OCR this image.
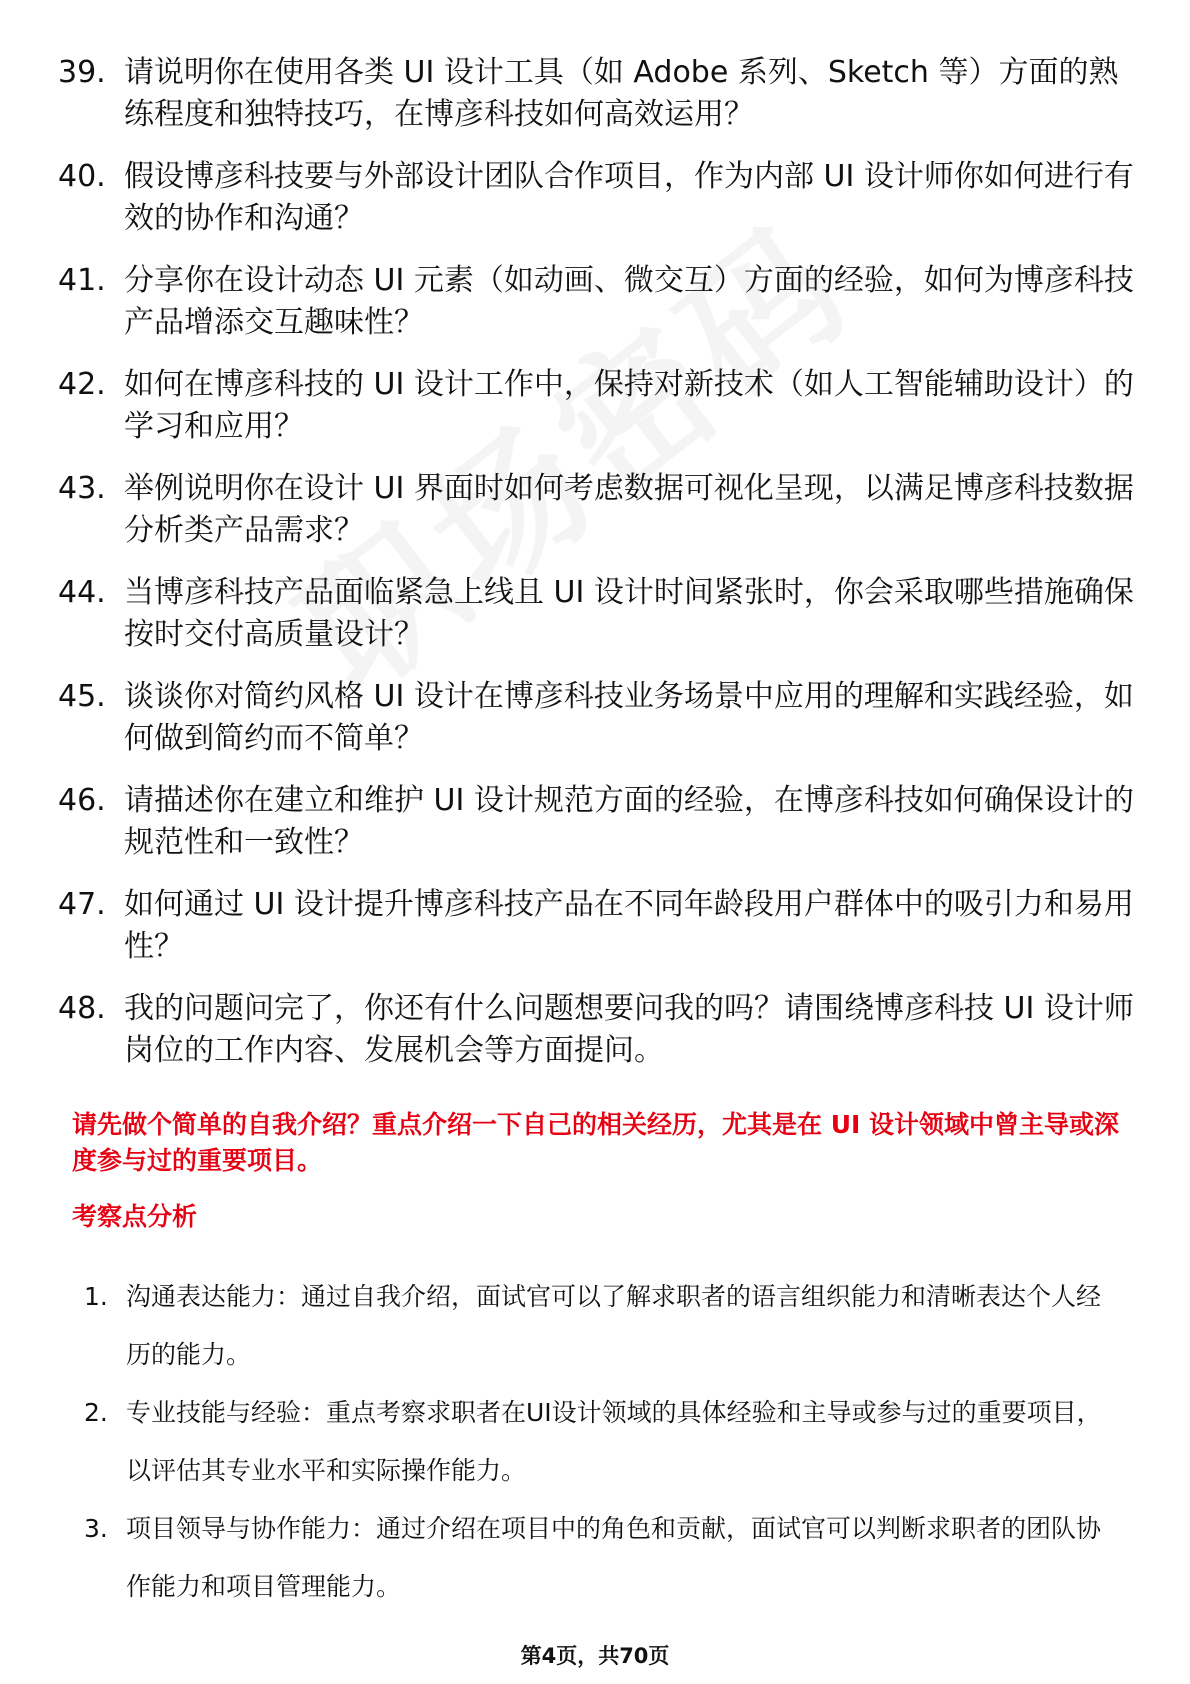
39. 请说明你在使用各类 UI 设计工具（如 Adobe 系列、Sketch 等）方面的熟练程度和独特技巧，在博彦科技如何高效运用？
40. 假设博彦科技要与外部设计团队合作项目，作为内部 UI 设计师你如何进行有效的协作和沟通？
41. 分享你在设计动态 UI 元素（如动画、微交互）方面的经验，如何为博彦科技产品增添交互趣味性？
42. 如何在博彦科技的 UI 设计工作中，保持对新技术（如人工智能辅助设计）的学习和应用？
43. 举例说明你在设计 UI 界面时如何考虑数据可视化呈现，以满足博彦科技数据分析类产品需求？
44. 当博彦科技产品面临紧急上线且 UI 设计时间紧张时，你会采取哪些措施确保按时交付高质量设计？
45. 谈谈你对简约风格 UI 设计在博彦科技业务场景中应用的理解和实践经验，如何做到简约而不简单？
46. 请描述你在建立和维护 UI 设计规范方面的经验，在博彦科技如何确保设计的规范性和一致性？
47. 如何通过 UI 设计提升博彦科技产品在不同年龄段用户群体中的吸引力和易用性？
48. 我的问题问完了，你还有什么问题想要问我的吗？请围绕博彦科技 UI 设计师岗位的工作内容、发展机会等方面提问。

请先做个简单的自我介绍？重点介绍一下自己的相关经历，尤其是在 UI 设计领域中曾主导或深度参与过的重要项目。

考察点分析

1. 沟通表达能力：通过自我介绍，面试官可以了解求职者的语言组织能力和清晰表达个人经历的能力。
2. 专业技能与经验：重点考察求职者在UI设计领域的具体经验和主导或参与过的重要项目，以评估其专业水平和实际操作能力。
3. 项目领导与协作能力：通过介绍在项目中的角色和贡献，面试官可以判断求职者的团队协作能力和项目管理能力。
第4页，共70页
